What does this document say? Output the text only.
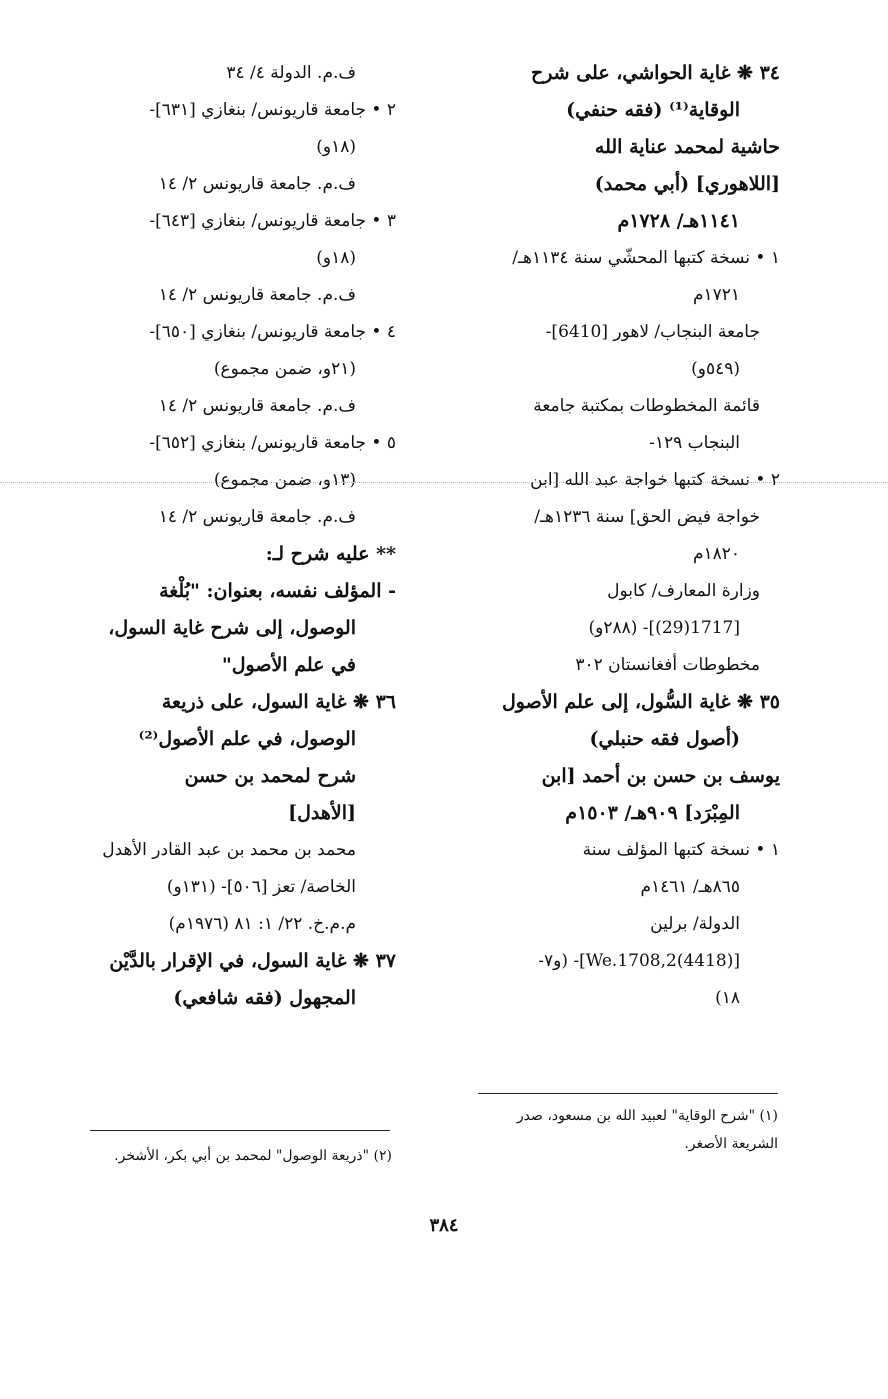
٣٤ ❋ غاية الحواشي، على شرح
الوقاية⁽¹⁾ (فقه حنفي)
حاشية لمحمد عناية الله
[اللاهوري] (أبي محمد)
١١٤١هـ/ ١٧٢٨م
١ • نسخة كتبها المحشّي سنة ١١٣٤هـ/
١٧٢١م
جامعة البنجاب/ لاهور [6410]-
(٥٤٩و)
قائمة المخطوطات بمكتبة جامعة
البنجاب ١٢٩-
٢ • نسخة كتبها خواجة عبد الله [ابن
خواجة فيض الحق] سنة ١٢٣٦هـ/
١٨٢٠م
وزارة المعارف/ كابول
[1717(29)]- (٢٨٨و)
مخطوطات أفغانستان ٣٠٢
٣٥ ❋ غاية السُّول، إلى علم الأصول
(أصول فقه حنبلي)
يوسف بن حسن بن أحمد [ابن
المِبْرَد] ٩٠٩هـ/ ١٥٠٣م
١ • نسخة كتبها المؤلف سنة
٨٦٥هـ/ ١٤٦١م
الدولة/ برلين
[We.1708,2(4418)]- (و٧-
١٨)
ف.م. الدولة ٤/ ٣٤
٢ • جامعة قاريونس/ بنغازي [٦٣١]-
(١٨و)
ف.م. جامعة قاريونس ٢/ ١٤
٣ • جامعة قاريونس/ بنغازي [٦٤٣]-
(١٨و)
ف.م. جامعة قاريونس ٢/ ١٤
٤ • جامعة قاريونس/ بنغازي [٦٥٠]-
(٢١و، ضمن مجموع)
ف.م. جامعة قاريونس ٢/ ١٤
٥ • جامعة قاريونس/ بنغازي [٦٥٢]-
(١٣و، ضمن مجموع)
ف.م. جامعة قاريونس ٢/ ١٤
** عليه شرح لـ:
- المؤلف نفسه، بعنوان: "بُلْغة
الوصول، إلى شرح غاية السول،
في علم الأصول"
٣٦ ❋ غاية السول، على ذريعة
الوصول، في علم الأصول⁽²⁾
شرح لمحمد بن حسن
[الأهدل]
محمد بن محمد بن عبد القادر الأهدل
الخاصة/ تعز [٥٠٦]- (١٣١و)
م.م.خ. ٢٢/ ١: ٨١ (١٩٧٦م)
٣٧ ❋ غاية السول، في الإقرار بالدَّيْن
المجهول (فقه شافعي)
(١) "شرح الوقاية" لعبيد الله بن مسعود، صدر
الشريعة الأصغر.
(٢) "ذريعة الوصول" لمحمد بن أبي بكر، الأشخر.
٣٨٤
